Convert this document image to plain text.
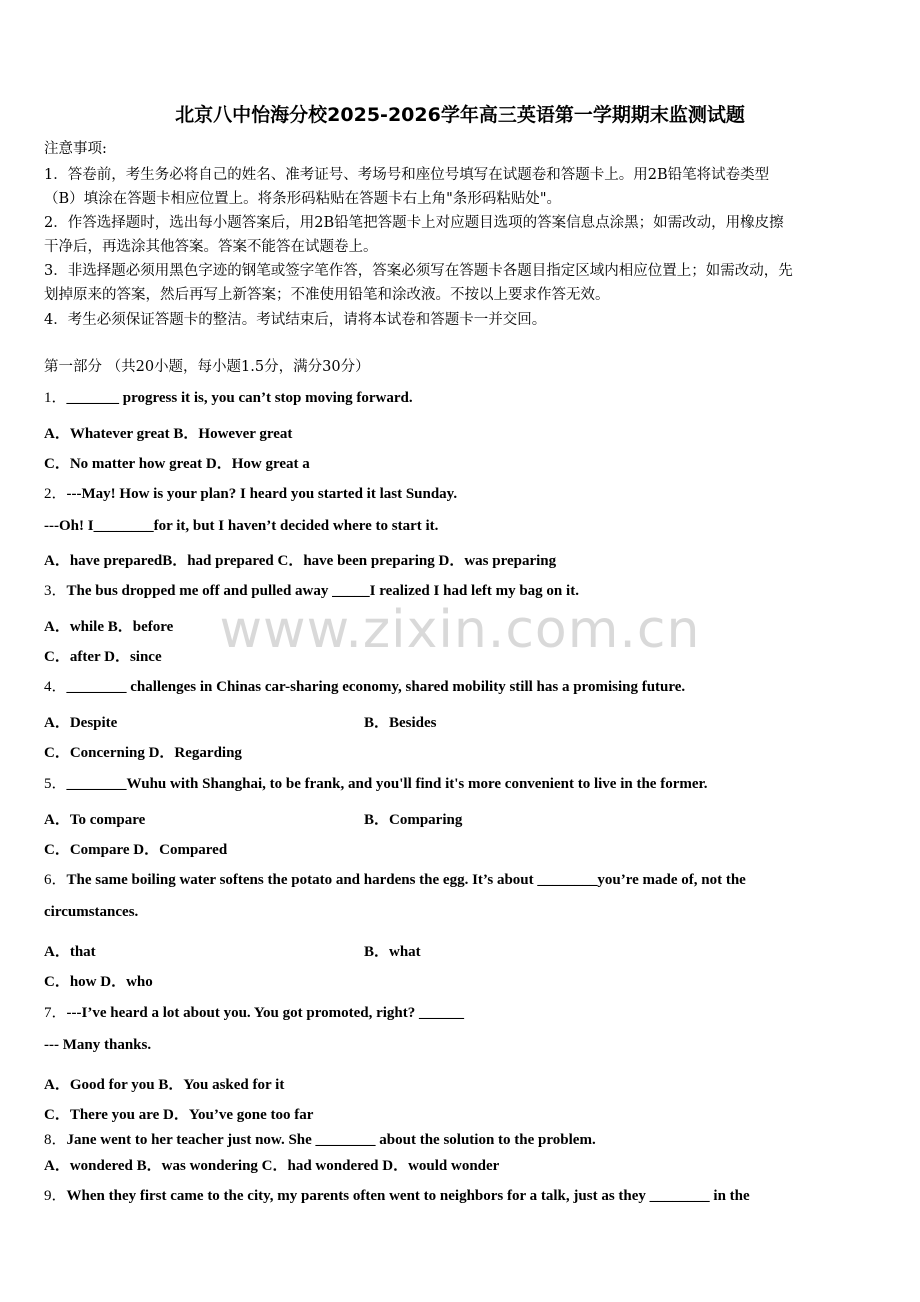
北京八中怡海分校2025-2026学年高三英语第一学期期末监测试题
www.zixin.com.cn
注意事项:
1．答卷前，考生务必将自己的姓名、准考证号、考场号和座位号填写在试题卷和答题卡上。用2B铅笔将试卷类型
（B）填涂在答题卡相应位置上。将条形码粘贴在答题卡右上角"条形码粘贴处"。
2．作答选择题时，选出每小题答案后，用2B铅笔把答题卡上对应题目选项的答案信息点涂黑；如需改动，用橡皮擦
干净后，再选涂其他答案。答案不能答在试题卷上。
3．非选择题必须用黑色字迹的钢笔或签字笔作答，答案必须写在答题卡各题目指定区域内相应位置上；如需改动，先
划掉原来的答案，然后再写上新答案；不准使用铅笔和涂改液。不按以上要求作答无效。
4．考生必须保证答题卡的整洁。考试结束后，请将本试卷和答题卡一并交回。
第一部分 （共20小题，每小题1.5分，满分30分）
1．_______ progress it is, you can’t stop moving forward.
A．Whatever great B．However great
C．No matter how great D．How great a
2．---May! How is your plan? I heard you started it last Sunday.
---Oh! I________for it, but I haven’t decided where to start it.
A．have preparedB．had prepared C．have been preparing D．was preparing
3．The bus dropped me off and pulled away _____I realized I had left my bag on it.
A．while B．before
C．after D．since
4．________ challenges in Chinas car-sharing economy, shared mobility still has a promising future.
A．Despite	B．Besides
C．Concerning D．Regarding
5．________Wuhu with Shanghai, to be frank, and you'll find it's more convenient to live in the former.
A．To compare	B．Comparing
C．Compare D．Compared
6．The same boiling water softens the potato and hardens the egg. It’s about ________you’re made of, not the
circumstances.
A．that	B．what
C．how D．who
7．---I’ve heard a lot about you. You got promoted, right? ______
--- Many thanks.
A．Good for you B．You asked for it
C．There you are D．You’ve gone too far
8．Jane went to her teacher just now. She ________ about the solution to the problem.
A．wondered B．was wondering C．had wondered D．would wonder
9．When they first came to the city, my parents often went to neighbors for a talk, just as they ________ in the
